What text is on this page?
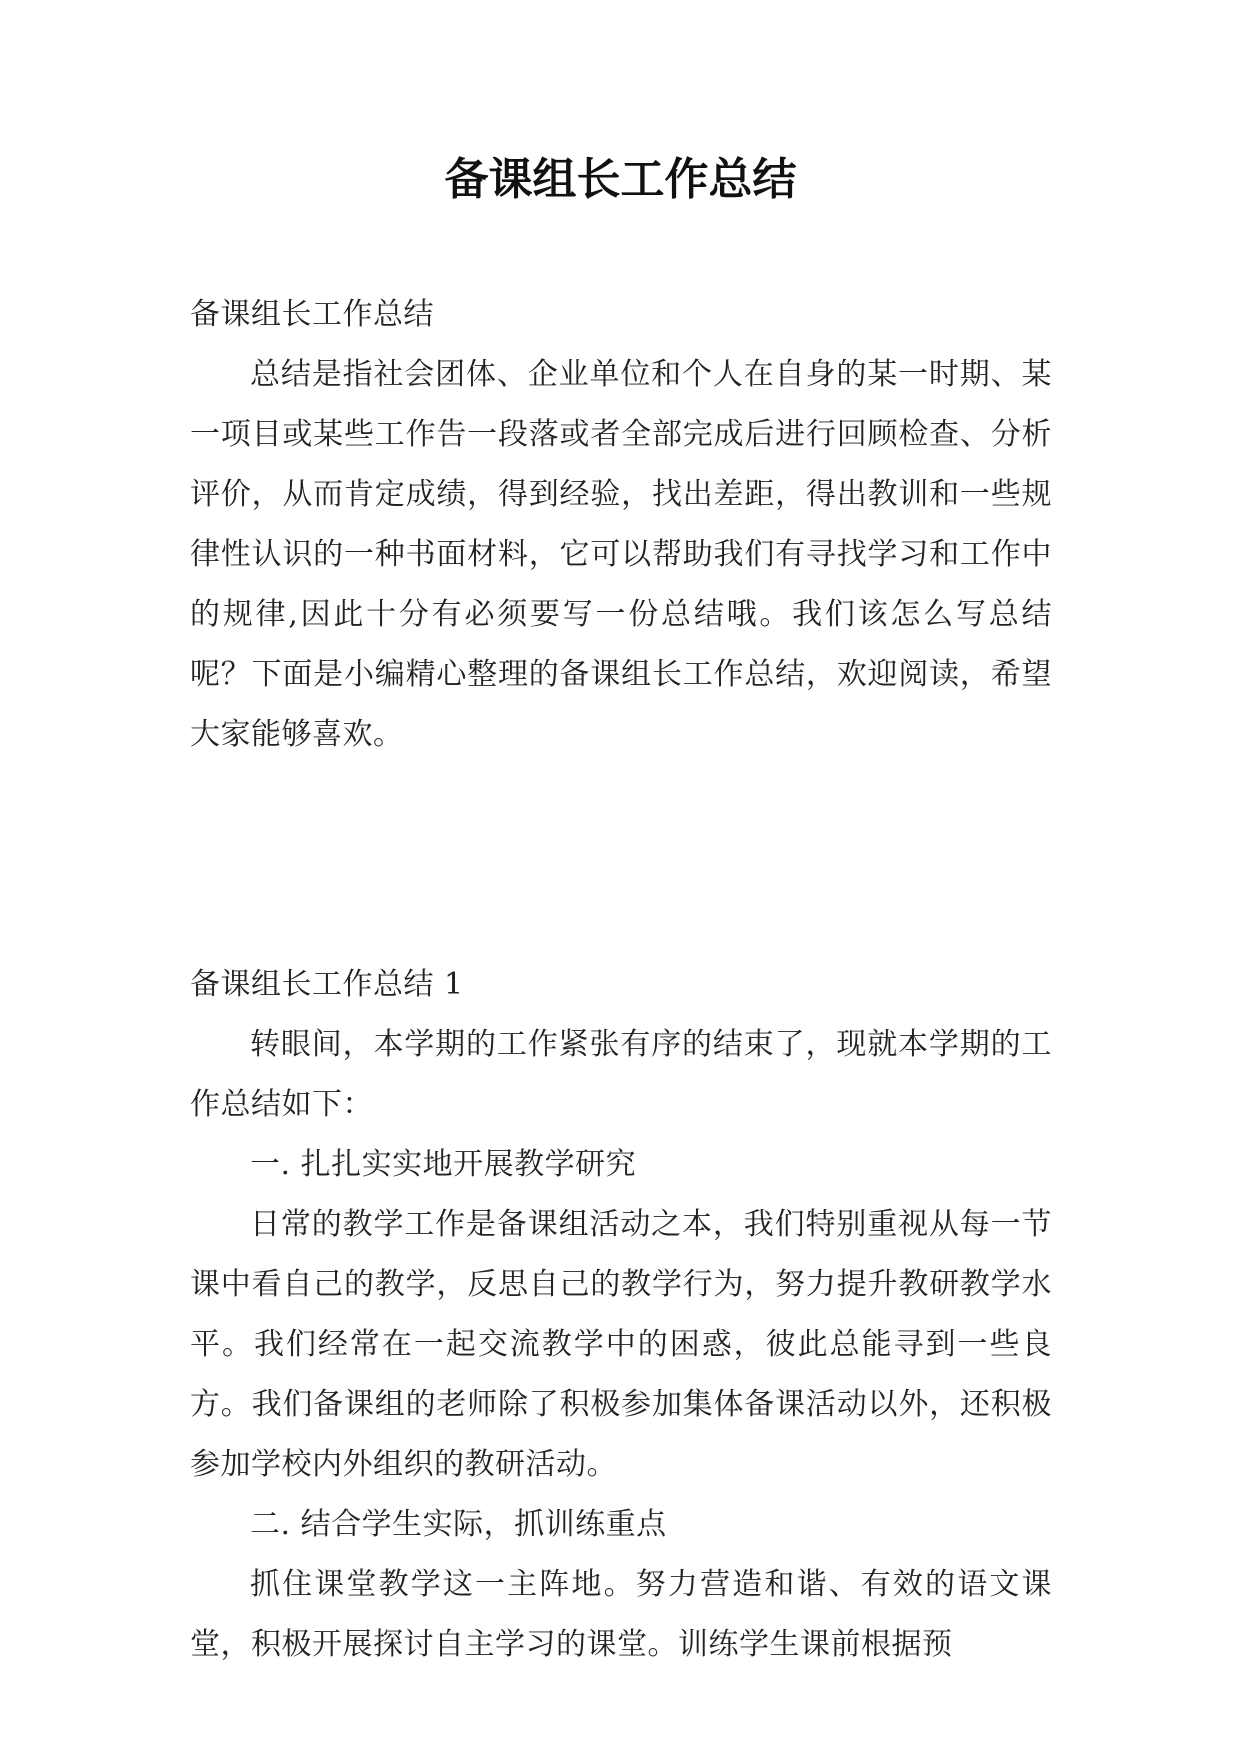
备课组长工作总结

备课组长工作总结

总结是指社会团体、企业单位和个人在自身的某一时期、某一项目或某些工作告一段落或者全部完成后进行回顾检查、分析评价，从而肯定成绩，得到经验，找出差距，得出教训和一些规律性认识的一种书面材料，它可以帮助我们有寻找学习和工作中的规律,因此十分有必须要写一份总结哦。我们该怎么写总结呢？下面是小编精心整理的备课组长工作总结，欢迎阅读，希望大家能够喜欢。

备课组长工作总结 1

转眼间，本学期的工作紧张有序的结束了，现就本学期的工作总结如下：

一. 扎扎实实地开展教学研究

日常的教学工作是备课组活动之本，我们特别重视从每一节课中看自己的教学，反思自己的教学行为，努力提升教研教学水平。我们经常在一起交流教学中的困惑，彼此总能寻到一些良方。我们备课组的老师除了积极参加集体备课活动以外，还积极参加学校内外组织的教研活动。

二. 结合学生实际，抓训练重点

抓住课堂教学这一主阵地。努力营造和谐、有效的语文课堂，积极开展探讨自主学习的课堂。训练学生课前根据预
